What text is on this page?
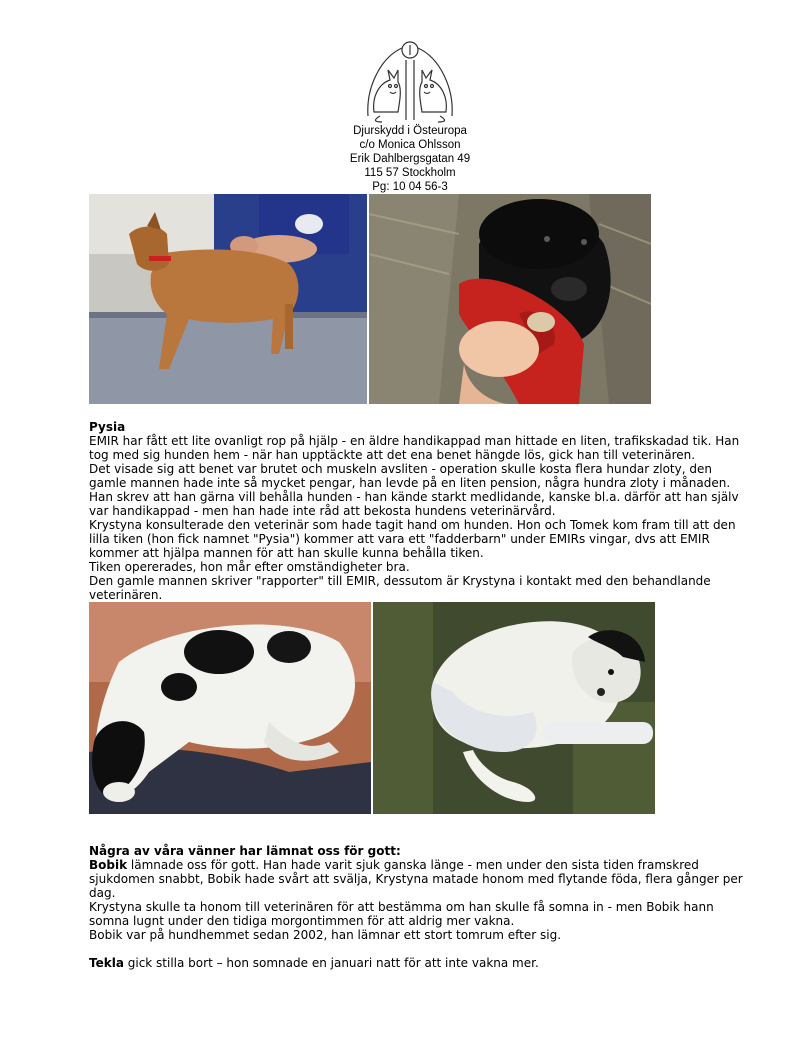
Djurskydd i Östeuropa
c/o Monica Ohlsson
Erik Dahlbergsgatan 49
115 57 Stockholm
Pg: 10 04 56-3

Pysia

EMIR har fått ett lite ovanligt rop på hjälp - en äldre handikappad man hittade en liten, trafikskadad tik. Han tog med sig hunden hem - när han upptäckte att det ena benet hängde lös, gick han till veterinären.

Det visade sig att benet var brutet och muskeln avsliten - operation skulle kosta flera hundar zloty, den gamle mannen hade inte så mycket pengar, han levde på en liten pension, några hundra zloty i månaden.

Han skrev att han gärna vill behålla hunden - han kände starkt medlidande, kanske bl.a. därför att han själv var handikappad - men han hade inte råd att bekosta hundens veterinärvård.

Krystyna konsulterade den veterinär som hade tagit hand om hunden. Hon och Tomek kom fram till att den lilla tiken (hon fick namnet "Pysia") kommer att vara ett "fadderbarn" under EMIRs vingar, dvs att EMIR kommer att hjälpa mannen för att han skulle kunna behålla tiken.

Tiken opererades, hon mår efter omständigheter bra.

Den gamle mannen skriver "rapporter" till EMIR, dessutom är Krystyna i kontakt med den behandlande veterinären.

Några av våra vänner har lämnat oss för gott:

Bobik lämnade oss för gott. Han hade varit sjuk ganska länge - men under den sista tiden framskred sjukdomen snabbt, Bobik hade svårt att svälja, Krystyna matade honom med flytande föda, flera gånger per dag.

Krystyna skulle ta honom till veterinären för att bestämma om han skulle få somna in - men Bobik hann somna lugnt under den tidiga morgontimmen för att aldrig mer vakna.

Bobik var på hundhemmet sedan 2002, han lämnar ett stort tomrum efter sig.

Tekla gick stilla bort – hon somnade en januari natt för att inte vakna mer.
